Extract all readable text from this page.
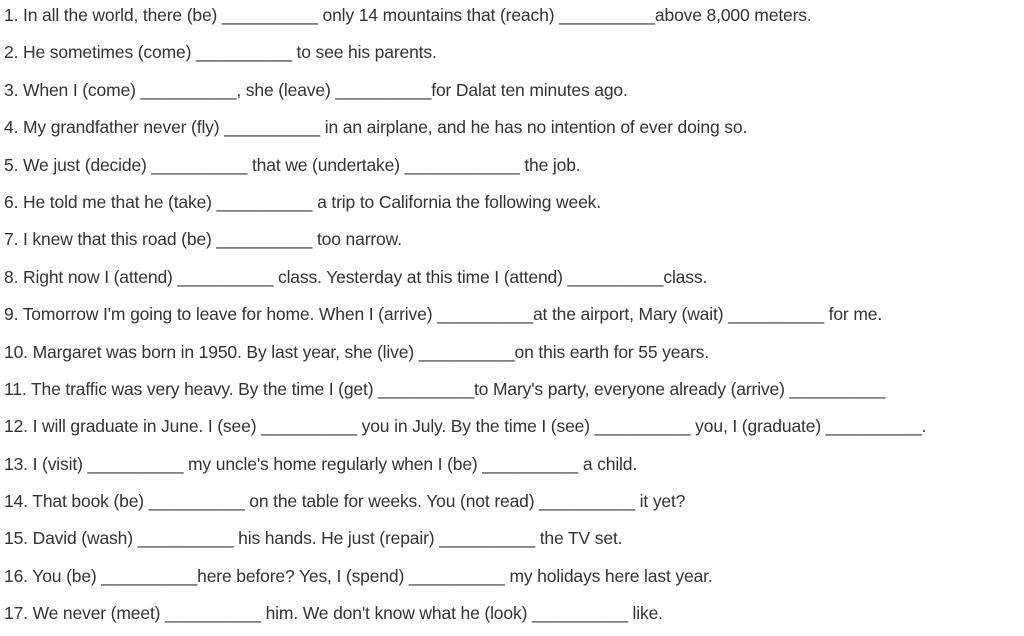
1. In all the world, there (be) __________ only 14 mountains that (reach) __________above 8,000 meters.
2. He sometimes (come) __________ to see his parents.
3. When I (come) __________, she (leave) __________for Dalat ten minutes ago.
4. My grandfather never (fly) __________ in an airplane, and he has no intention of ever doing so.
5. We just (decide) __________ that we (undertake) ____________ the job.
6. He told me that he (take) __________ a trip to California the following week.
7. I knew that this road (be) __________ too narrow.
8. Right now I (attend) __________ class. Yesterday at this time I (attend) __________class.
9. Tomorrow I'm going to leave for home. When I (arrive) __________at the airport, Mary (wait) __________ for me.
10. Margaret was born in 1950. By last year, she (live) __________on this earth for 55 years.
11. The traffic was very heavy. By the time I (get) __________to Mary's party, everyone already (arrive) __________
12. I will graduate in June. I (see) __________ you in July. By the time I (see) __________ you, I (graduate) __________.
13. I (visit) __________ my uncle's home regularly when I (be) __________ a child.
14. That book (be) __________ on the table for weeks. You (not read) __________ it yet?
15. David (wash) __________ his hands. He just (repair) __________ the TV set.
16. You (be) __________here before? Yes, I (spend) __________ my holidays here last year.
17. We never (meet) __________ him. We don't know what he (look) __________ like.
